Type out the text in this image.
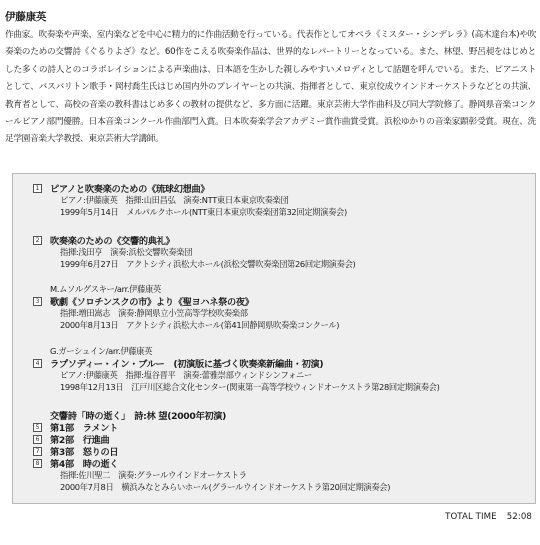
伊藤康英

作曲家。吹奏楽や声楽、室内楽などを中心に精力的に作曲活動を行っている。代表作としてオペラ《ミスター・シンデレラ》(高木達台本)や吹奏楽のための交響詩《ぐるりよざ》など。60作をこえる吹奏楽作品は、世界的なレパートリーとなっている。また、林望、野呂昶をはじめとした多くの詩人とのコラボレイションによる声楽曲は、日本語を生かした親しみやすいメロディとして話題を呼んでいる。また、ピアニストとして、バスバリトン歌手・岡村喬生氏はじめ国内外のプレイヤーとの共演、指揮者として、東京佼成ウインドオーケストラなどとの共演、教育者として、高校の音楽の教科書はじめ多くの教材の提供など、多方面に活躍。東京芸術大学作曲科及び同大学院修了。静岡県音楽コンクールピアノ部門優勝。日本音楽コンクール作曲部門入賞。日本吹奏楽学会アカデミー賞作曲賞受賞。浜松ゆかりの音楽家顕彰受賞。現在、洗足学園音楽大学教授、東京芸術大学講師。

1 ピアノと吹奏楽のための《琉球幻想曲》
ピアノ:伊藤康英　指揮:山田昌弘　演奏:NTT東日本東京吹奏楽団
1999年5月14日　メルパルクホール(NTT東日本東京吹奏楽団第32回定期演奏会)
2 吹奏楽のための《交響的典礼》
指揮:浅田亨　演奏:浜松交響吹奏楽団
1999年6月27日　アクトシティ浜松大ホール(浜松交響吹奏楽団第26回定期演奏会)
M.ムソルグスキー/arr.伊藤康英
3 歌劇《ソロチンスクの市》より《聖ヨハネ祭の夜》
指揮:増田嵩志　演奏:静岡県立小笠高等学校吹奏楽部
2000年8月13日　アクトシティ浜松大ホール(第41回静岡県吹奏楽コンクール)
G.ガーシュイン/arr.伊藤康英
4 ラプソディー・イン・ブルー　(初演版に基づく吹奏楽新編曲・初演)
ピアノ:伊藤康英　指揮:塩谷晋平　演奏:蕾雅崇部ウィンドシンフォニー
1998年12月13日　江戸川区総合文化センター(関東第一高等学校ウィンドオーケストラ第28回定期演奏会)
交響詩「時の逝く」　詩:林 望(2000年初演)
5 第1部　ラメント
6 第2部　行進曲
7 第3部　怒りの日
8 第4部　時の逝く
指揮:佐川聖二　演奏:グラールウインドオーケストラ
2000年7月8日　横浜みなとみらいホール(グラールウインドオーケストラ第20回定期演奏会)
TOTAL TIME 52:08
